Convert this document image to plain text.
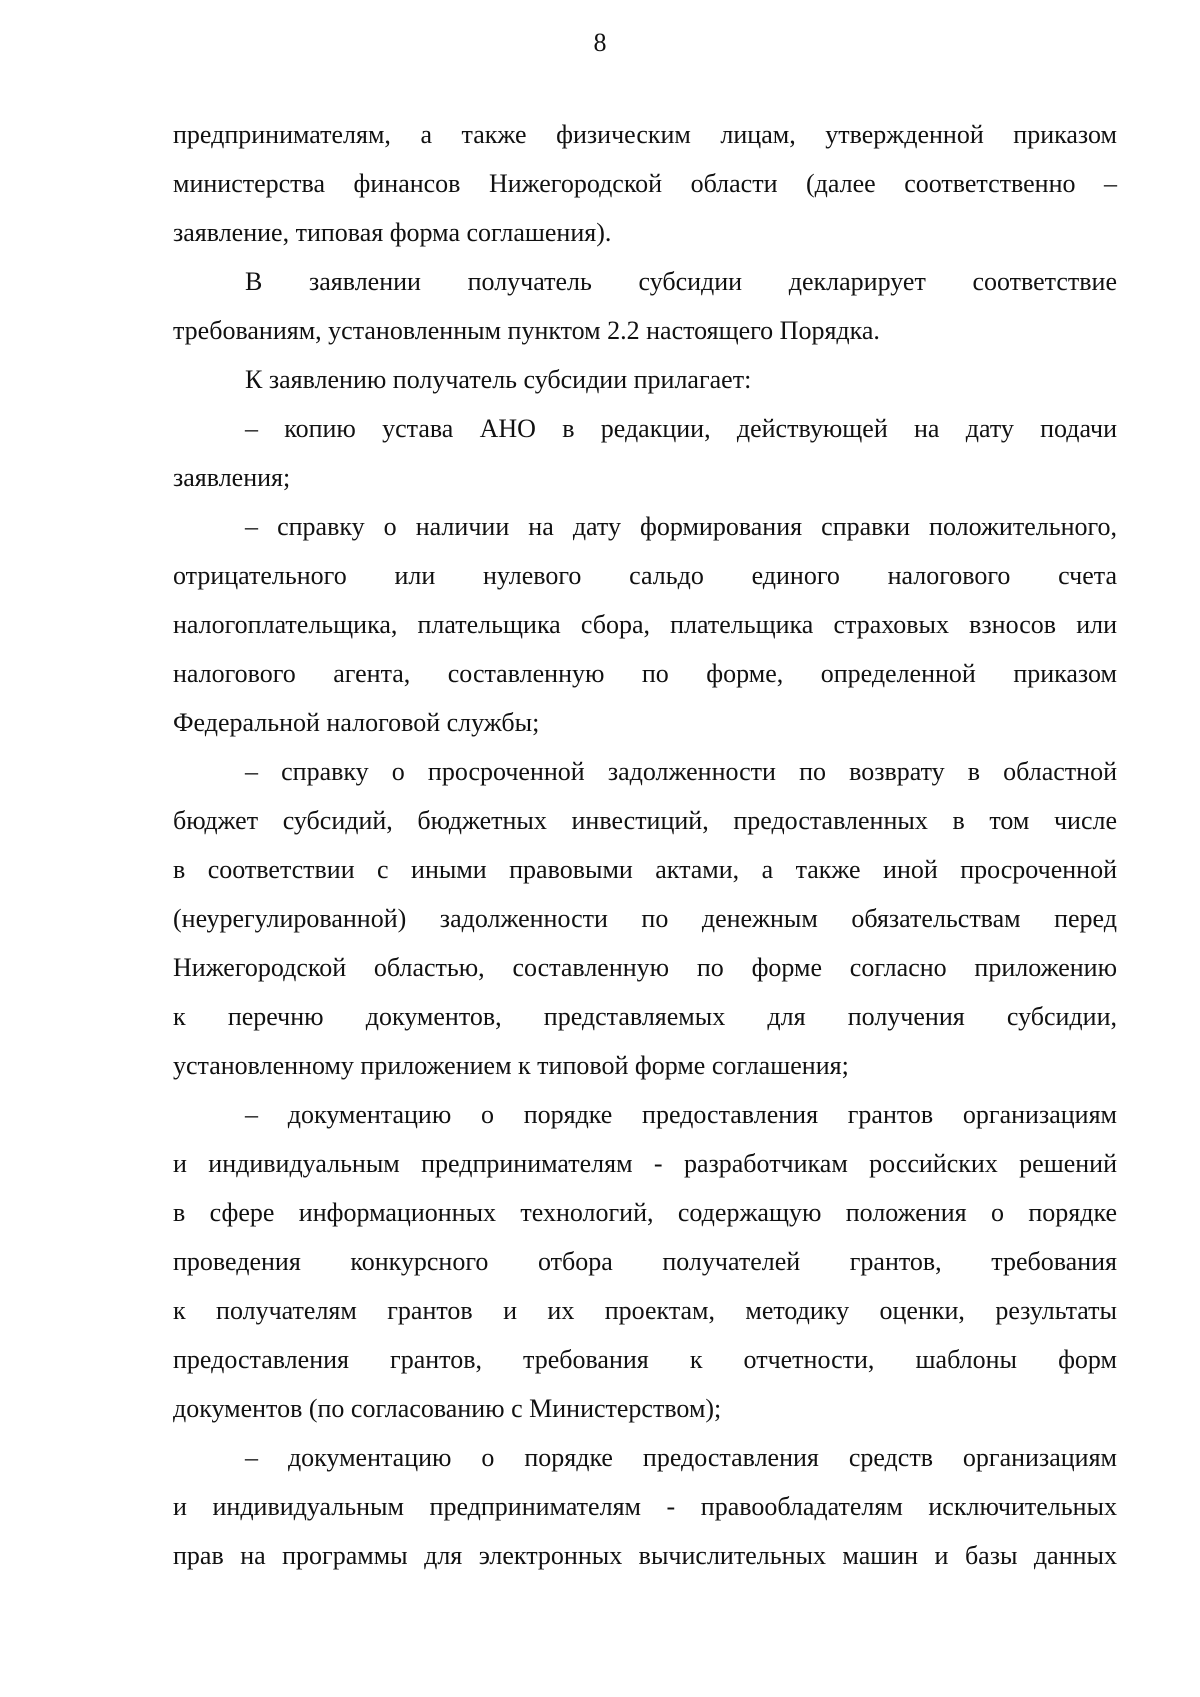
8

предпринимателям, а также физическим лицам, утвержденной приказом
министерства финансов Нижегородской области (далее соответственно –
заявление, типовая форма соглашения).

В заявлении получатель субсидии декларирует соответствие
требованиям, установленным пунктом 2.2 настоящего Порядка.

К заявлению получатель субсидии прилагает:

– копию устава АНО в редакции, действующей на дату подачи
заявления;

– справку о наличии на дату формирования справки положительного,
отрицательного или нулевого сальдо единого налогового счета
налогоплательщика, плательщика сбора, плательщика страховых взносов или
налогового агента, составленную по форме, определенной приказом
Федеральной налоговой службы;

– справку о просроченной задолженности по возврату в областной
бюджет субсидий, бюджетных инвестиций, предоставленных в том числе
в соответствии с иными правовыми актами, а также иной просроченной
(неурегулированной) задолженности по денежным обязательствам перед
Нижегородской областью, составленную по форме согласно приложению
к перечню документов, представляемых для получения субсидии,
установленному приложением к типовой форме соглашения;

– документацию о порядке предоставления грантов организациям
и индивидуальным предпринимателям - разработчикам российских решений
в сфере информационных технологий, содержащую положения о порядке
проведения конкурсного отбора получателей грантов, требования
к получателям грантов и их проектам, методику оценки, результаты
предоставления грантов, требования к отчетности, шаблоны форм
документов (по согласованию с Министерством);

– документацию о порядке предоставления средств организациям
и индивидуальным предпринимателям - правообладателям исключительных
прав на программы для электронных вычислительных машин и базы данных
